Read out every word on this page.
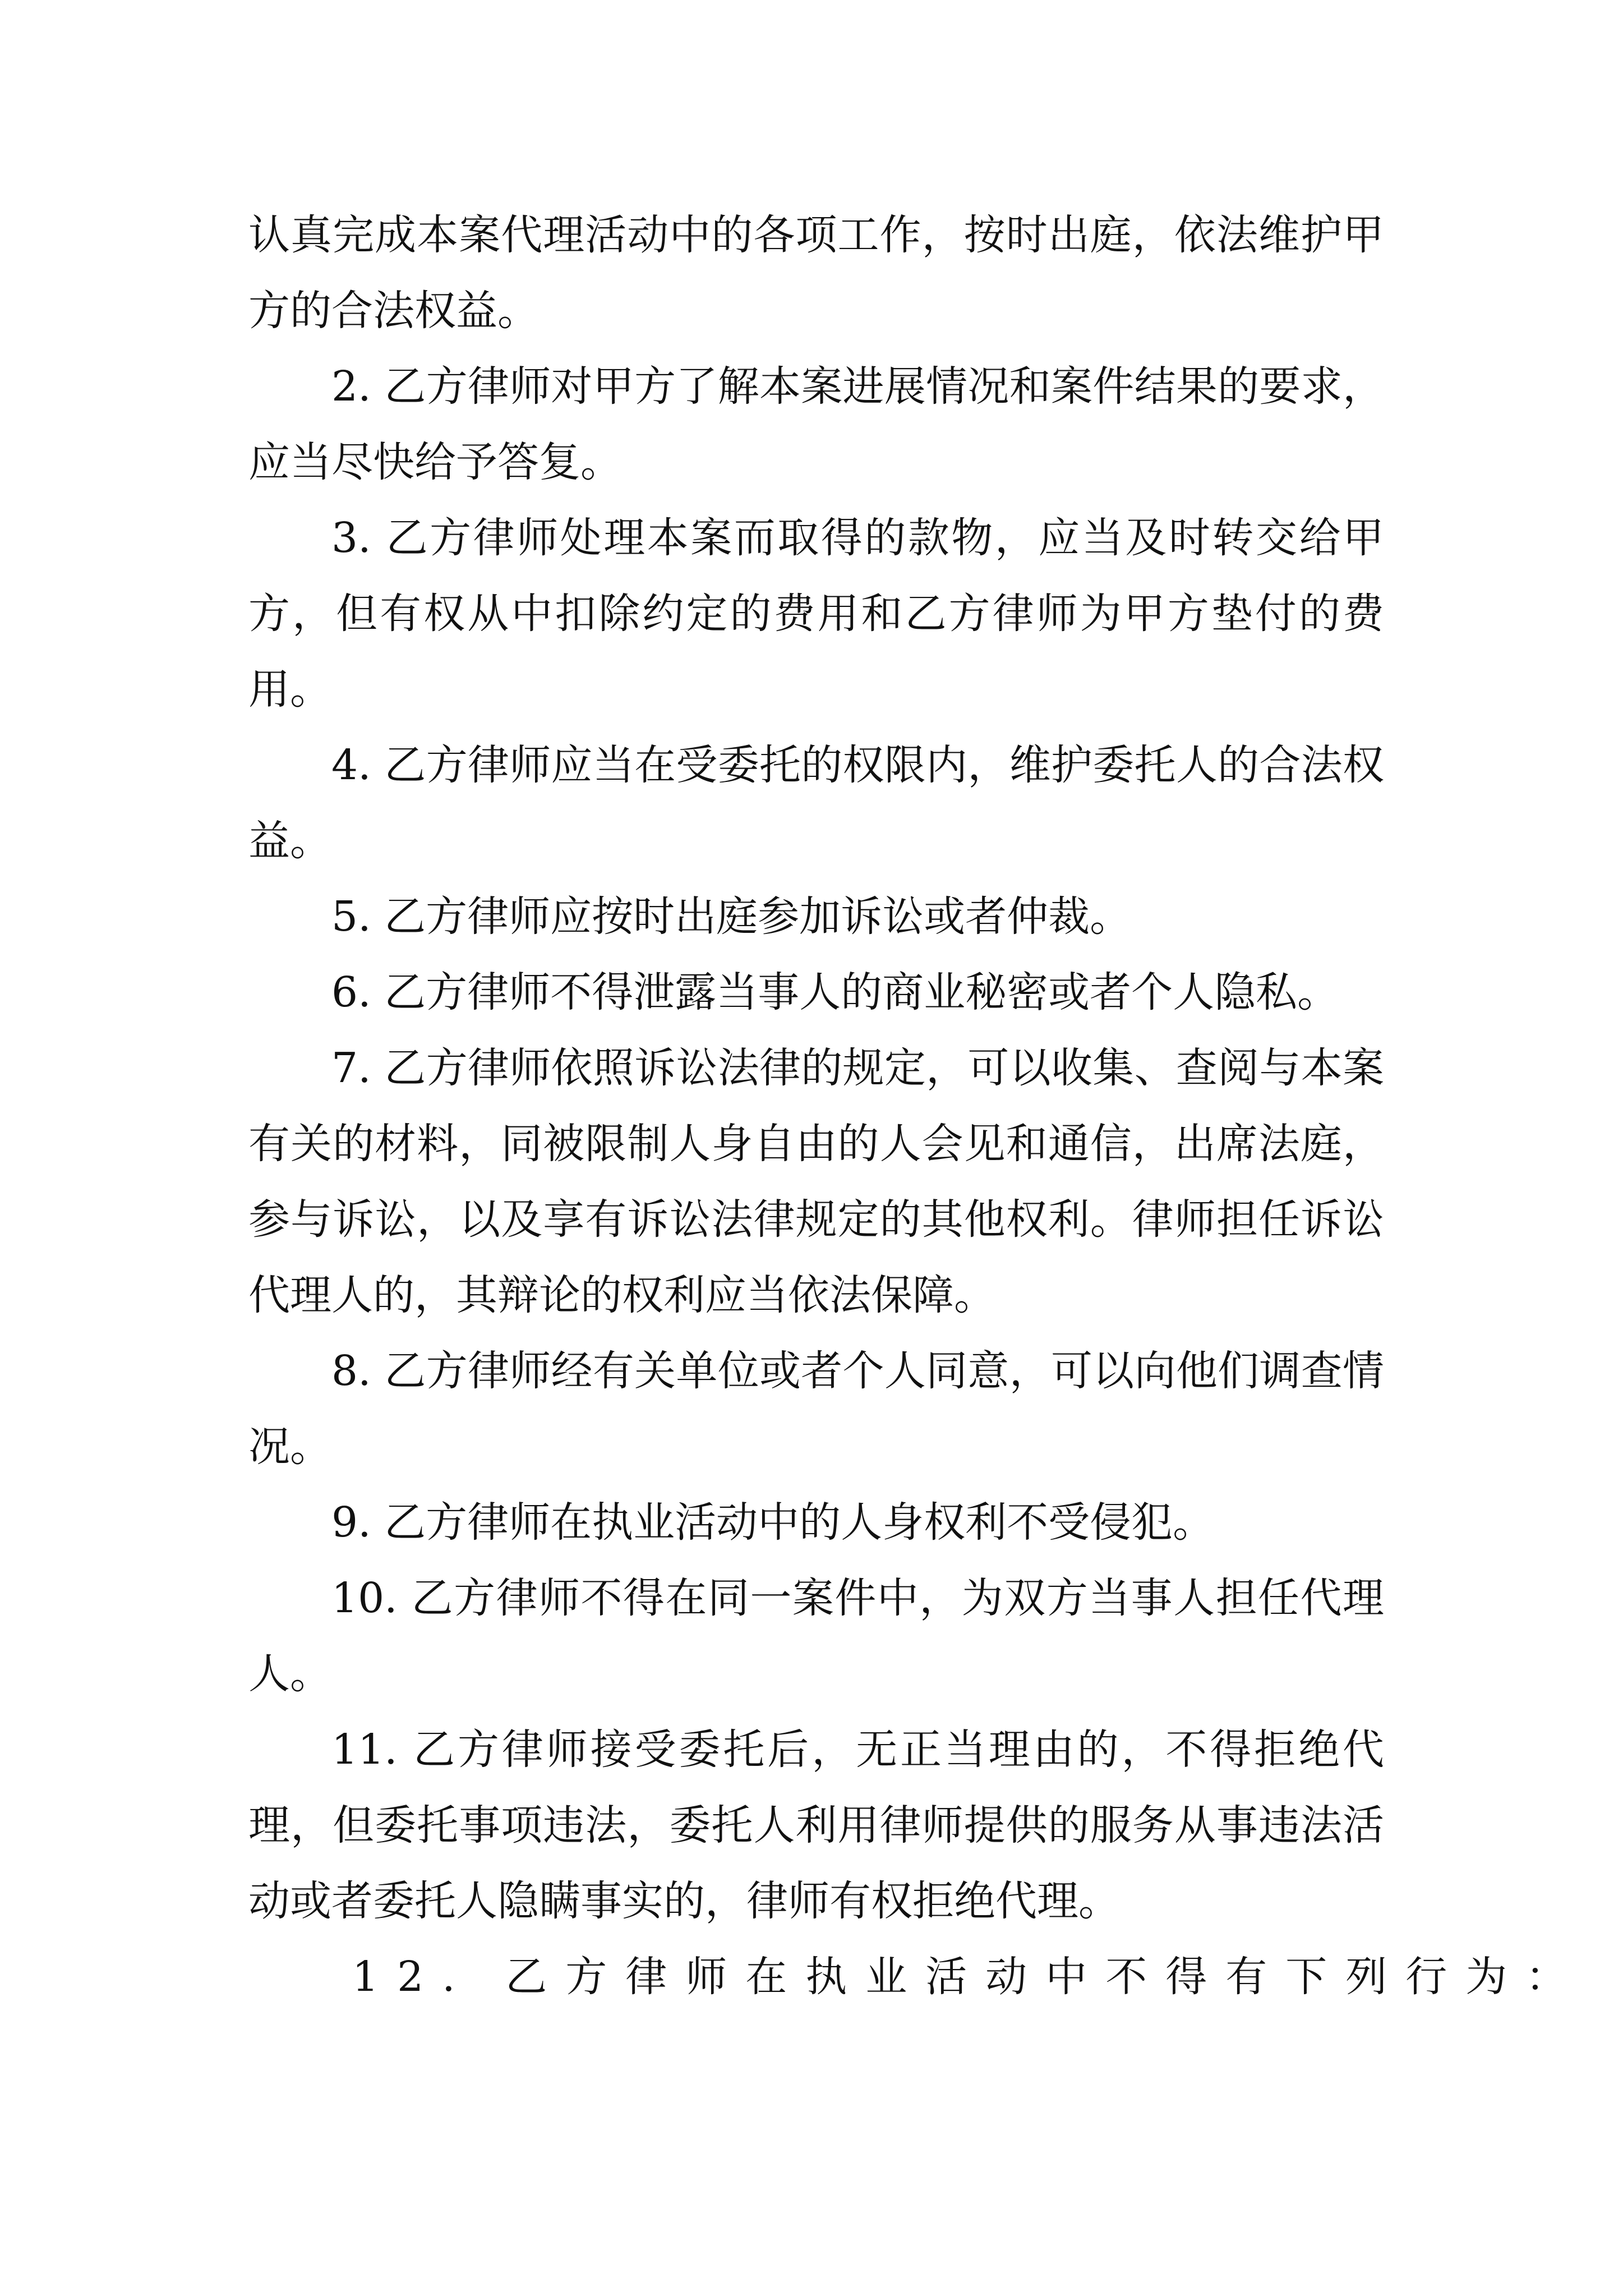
认真完成本案代理活动中的各项工作，按时出庭，依法维护甲方的合法权益。

2. 乙方律师对甲方了解本案进展情况和案件结果的要求，应当尽快给予答复。

3. 乙方律师处理本案而取得的款物，应当及时转交给甲方，但有权从中扣除约定的费用和乙方律师为甲方垫付的费用。

4. 乙方律师应当在受委托的权限内，维护委托人的合法权益。

5. 乙方律师应按时出庭参加诉讼或者仲裁。

6. 乙方律师不得泄露当事人的商业秘密或者个人隐私。

7. 乙方律师依照诉讼法律的规定，可以收集、查阅与本案有关的材料，同被限制人身自由的人会见和通信，出席法庭，参与诉讼，以及享有诉讼法律规定的其他权利。律师担任诉讼代理人的，其辩论的权利应当依法保障。

8. 乙方律师经有关单位或者个人同意，可以向他们调查情况。

9. 乙方律师在执业活动中的人身权利不受侵犯。

10. 乙方律师不得在同一案件中，为双方当事人担任代理人。

11. 乙方律师接受委托后，无正当理由的，不得拒绝代理，但委托事项违法，委托人利用律师提供的服务从事违法活动或者委托人隐瞒事实的，律师有权拒绝代理。

12. 乙方律师在执业活动中不得有下列行为：
